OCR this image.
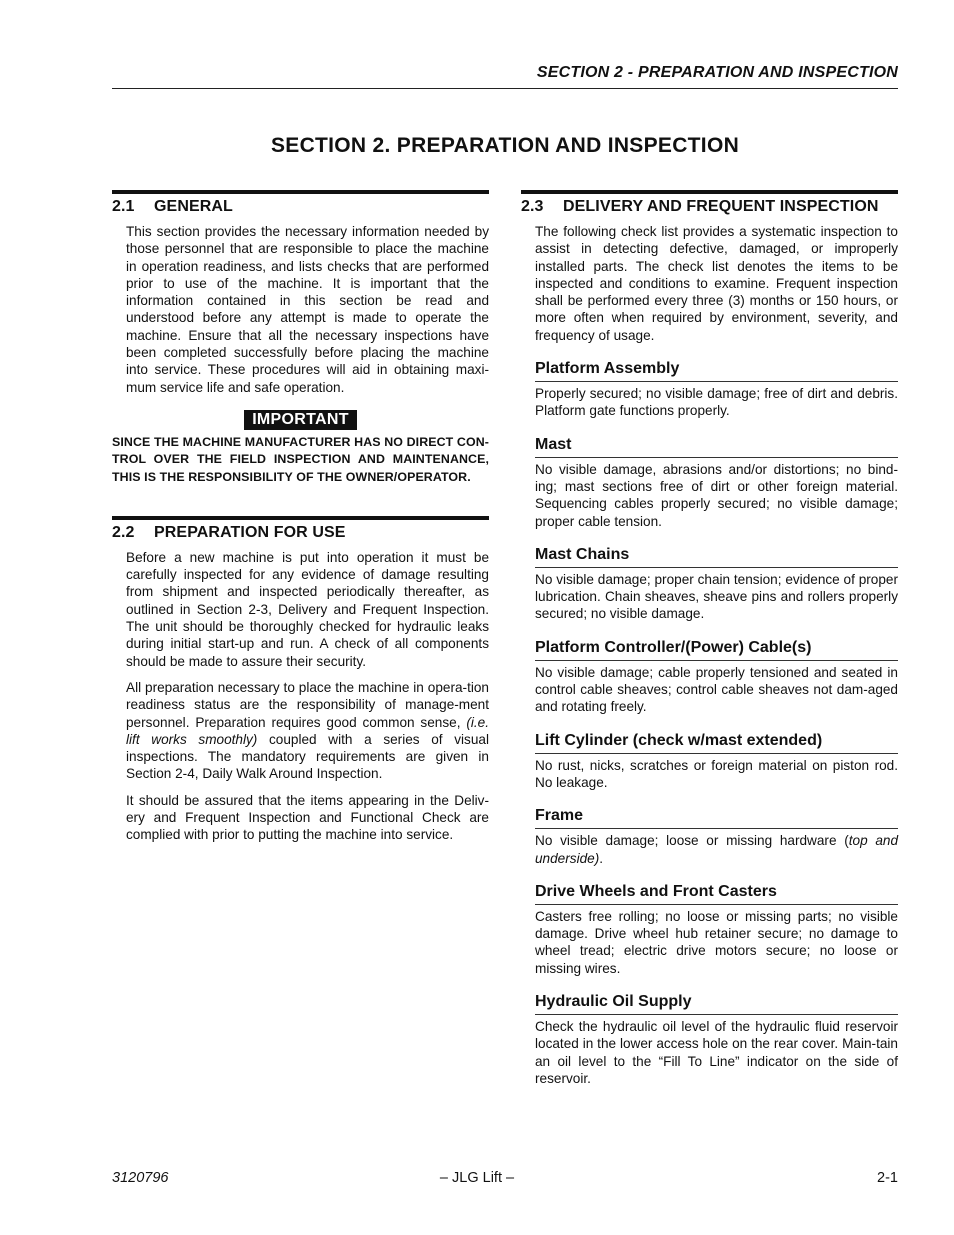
SECTION 2 - PREPARATION AND INSPECTION
SECTION 2. PREPARATION AND INSPECTION
2.1	GENERAL

This section provides the necessary information needed by those personnel that are responsible to place the machine in operation readiness, and lists checks that are performed prior to use of the machine. It is important that the information contained in this section be read and understood before any attempt is made to operate the machine. Ensure that all the necessary inspections have been completed successfully before placing the machine into service. These procedures will aid in obtaining maxi-mum service life and safe operation.

IMPORTANT
SINCE THE MACHINE MANUFACTURER HAS NO DIRECT CON-TROL OVER THE FIELD INSPECTION AND MAINTENANCE, THIS IS THE RESPONSIBILITY OF THE OWNER/OPERATOR.
2.2	PREPARATION FOR USE

Before a new machine is put into operation it must be carefully inspected for any evidence of damage resulting from shipment and inspected periodically thereafter, as outlined in Section 2-3, Delivery and Frequent Inspection. The unit should be thoroughly checked for hydraulic leaks during initial start-up and run. A check of all components should be made to assure their security.

All preparation necessary to place the machine in opera-tion readiness status are the responsibility of manage-ment personnel. Preparation requires good common sense, (i.e. lift works smoothly) coupled with a series of visual inspections. The mandatory requirements are given in Section 2-4, Daily Walk Around Inspection.

It should be assured that the items appearing in the Deliv-ery and Frequent Inspection and Functional Check are complied with prior to putting the machine into service.

2.3	DELIVERY AND FREQUENT INSPECTION

The following check list provides a systematic inspection to assist in detecting defective, damaged, or improperly installed parts. The check list denotes the items to be inspected and conditions to examine. Frequent inspection shall be performed every three (3) months or 150 hours, or more often when required by environment, severity, and frequency of usage.

Platform Assembly
Properly secured; no visible damage; free of dirt and debris. Platform gate functions properly.
Mast
No visible damage, abrasions and/or distortions; no bind-ing; mast sections free of dirt or other foreign material. Sequencing cables properly secured; no visible damage; proper cable tension.
Mast Chains
No visible damage; proper chain tension; evidence of proper lubrication. Chain sheaves, sheave pins and rollers properly secured; no visible damage.
Platform Controller/(Power) Cable(s)
No visible damage; cable properly tensioned and seated in control cable sheaves; control cable sheaves not dam-aged and rotating freely.
Lift Cylinder (check w/mast extended)
No rust, nicks, scratches or foreign material on piston rod. No leakage.
Frame
No visible damage; loose or missing hardware (top and underside).
Drive Wheels and Front Casters
Casters free rolling; no loose or missing parts; no visible damage. Drive wheel hub retainer secure; no damage to wheel tread; electric drive motors secure; no loose or missing wires.
Hydraulic Oil Supply
Check the hydraulic oil level of the hydraulic fluid reservoir located in the lower access hole on the rear cover. Main-tain an oil level to the “Fill To Line” indicator on the side of reservoir.
3120796	– JLG Lift –	2-1
